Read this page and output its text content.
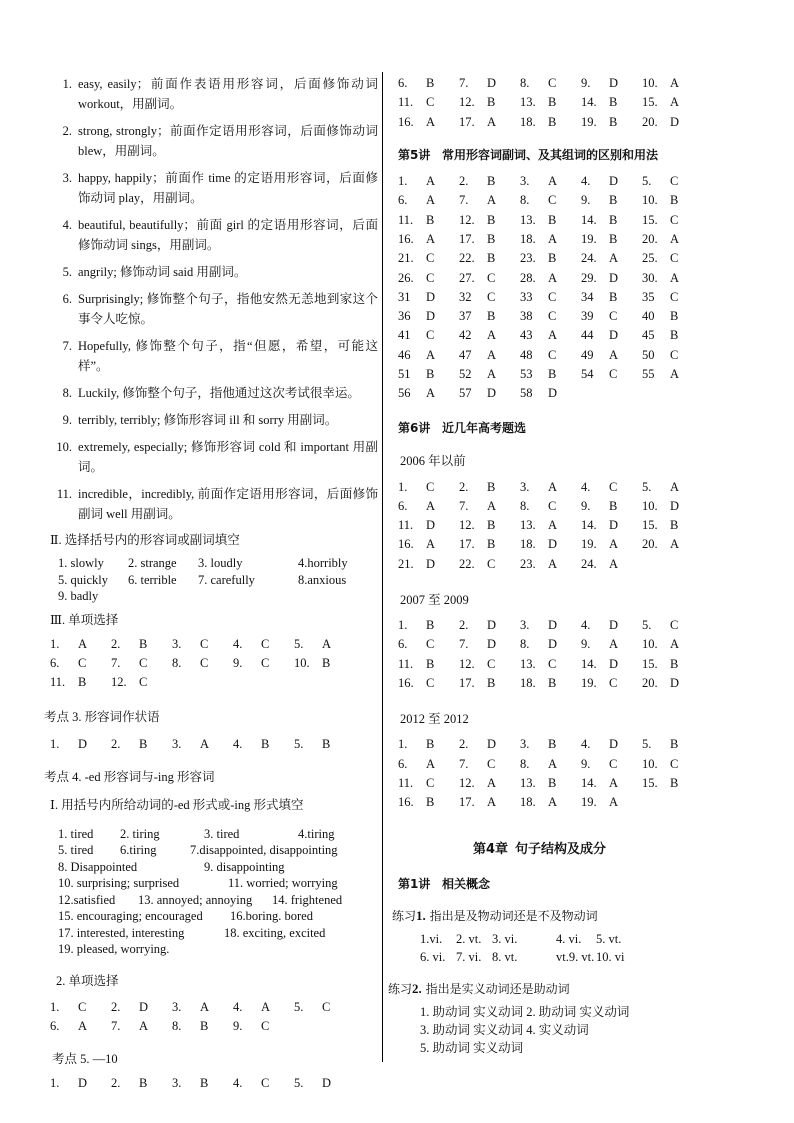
1. easy, easily；前面作表语用形容词，后面修饰动词 workout，用副词。
2. strong, strongly；前面作定语用形容词，后面修饰动词 blew，用副词。
3. happy, happily；前面作 time 的定语用形容词，后面修饰动词 play，用副词。
4. beautiful, beautifully；前面 girl 的定语用形容词，后面修饰动词 sings，用副词。
5. angrily; 修饰动词 said 用副词。
6. Surprisingly; 修饰整个句子，指他安然无恙地到家这个事令人吃惊。
7. Hopefully, 修饰整个句子，指“但愿，希望，可能这样”。
8. Luckily, 修饰整个句子，指他通过这次考试很幸运。
9. terribly, terribly; 修饰形容词 ill 和 sorry 用副词。
10. extremely, especially; 修饰形容词 cold 和 important 用副词。
11. incredible，incredibly, 前面作定语用形容词，后面修饰副词 well 用副词。
Ⅱ. 选择括号内的形容词或副词填空
1. slowly	2. strange	3. loudly	4.horribly
5. quickly	6. terrible	7. carefully	8.anxious
9. badly
Ⅲ. 单项选择
1.	A	2.	B	3.	C	4.	C	5.	A
6.	C	7.	C	8.	C	9.	C	10.	B
11.	B	12.	C						
考点 3. 形容词作状语
1.	D	2.	B	3.	A	4.	B	5.	B
考点 4. -ed 形容词与-ing 形容词
Ⅰ. 用括号内所给动词的-ed 形式或-ing 形式填空
1. tired	2. tiring	3. tired	4.tiring
5. tired	6.tiring	7.disappointed, disappointing
8. Disappointed	9. disappointing
10. surprising; surprised	11. worried; worrying
12.satisfied	13. annoyed; annoying	14. frightened
15. encouraging; encouraged	16.boring. bored
17. interested, interesting	18. exciting, excited
19. pleased, worrying.
2. 单项选择
1.	C	2.	D	3.	A	4.	A	5.	C
6.	A	7.	A	8.	B	9.	C		
考点 5. —10
1.	D	2.	B	3.	B	4.	C	5.	D
6.	B	7.	D	8.	C	9.	D	10.	A
11.	C	12.	B	13.	B	14.	B	15.	A
16.	A	17.	A	18.	B	19.	B	20.	D
第5讲 常用形容词副词、及其组词的区别和用法
1.	A	2.	B	3.	A	4.	D	5.	C
6.	A	7.	A	8.	C	9.	B	10.	B
11.	B	12.	B	13.	B	14.	B	15.	C
16.	A	17.	B	18.	A	19.	B	20.	A
21.	C	22.	B	23.	B	24.	A	25.	C
26.	C	27.	C	28.	A	29.	D	30.	A
31	D	32	C	33	C	34	B	35	C
36	D	37	B	38	C	39	C	40	B
41	C	42	A	43	A	44	D	45	B
46	A	47	A	48	C	49	A	50	C
51	B	52	A	53	B	54	C	55	A
56	A	57	D	58	D				
第6讲 近几年高考题选
2006 年以前
1.	C	2.	B	3.	A	4.	C	5.	A
6.	A	7.	A	8.	C	9.	B	10.	D
11.	D	12.	B	13.	A	14.	D	15.	B
16.	A	17.	B	18.	D	19.	A	20.	A
21.	D	22.	C	23.	A	24.	A		
2007 至 2009
1.	B	2.	D	3.	D	4.	D	5.	C
6.	C	7.	D	8.	D	9.	A	10.	A
11.	B	12.	C	13.	C	14.	D	15.	B
16.	C	17.	B	18.	B	19.	C	20.	D
2012 至 2012
1.	B	2.	D	3.	B	4.	D	5.	B
6.	A	7.	C	8.	A	9.	C	10.	C
11.	C	12.	A	13.	B	14.	A	15.	B
16.	B	17.	A	18.	A	19.	A		
第4章 句子结构及成分
第1讲 相关概念
练习1. 指出是及物动词还是不及物动词
1.vi. 2. vt. 3. vi.	4. vi. 5. vt.
6. vi. 7. vi. 8. vt.	vt.9. vt. 10. vi
练习2. 指出是实义动词还是助动词
1. 助动词 实义动词 2. 助动词 实义动词
3. 助动词 实义动词 4. 实义动词
5. 助动词 实义动词
